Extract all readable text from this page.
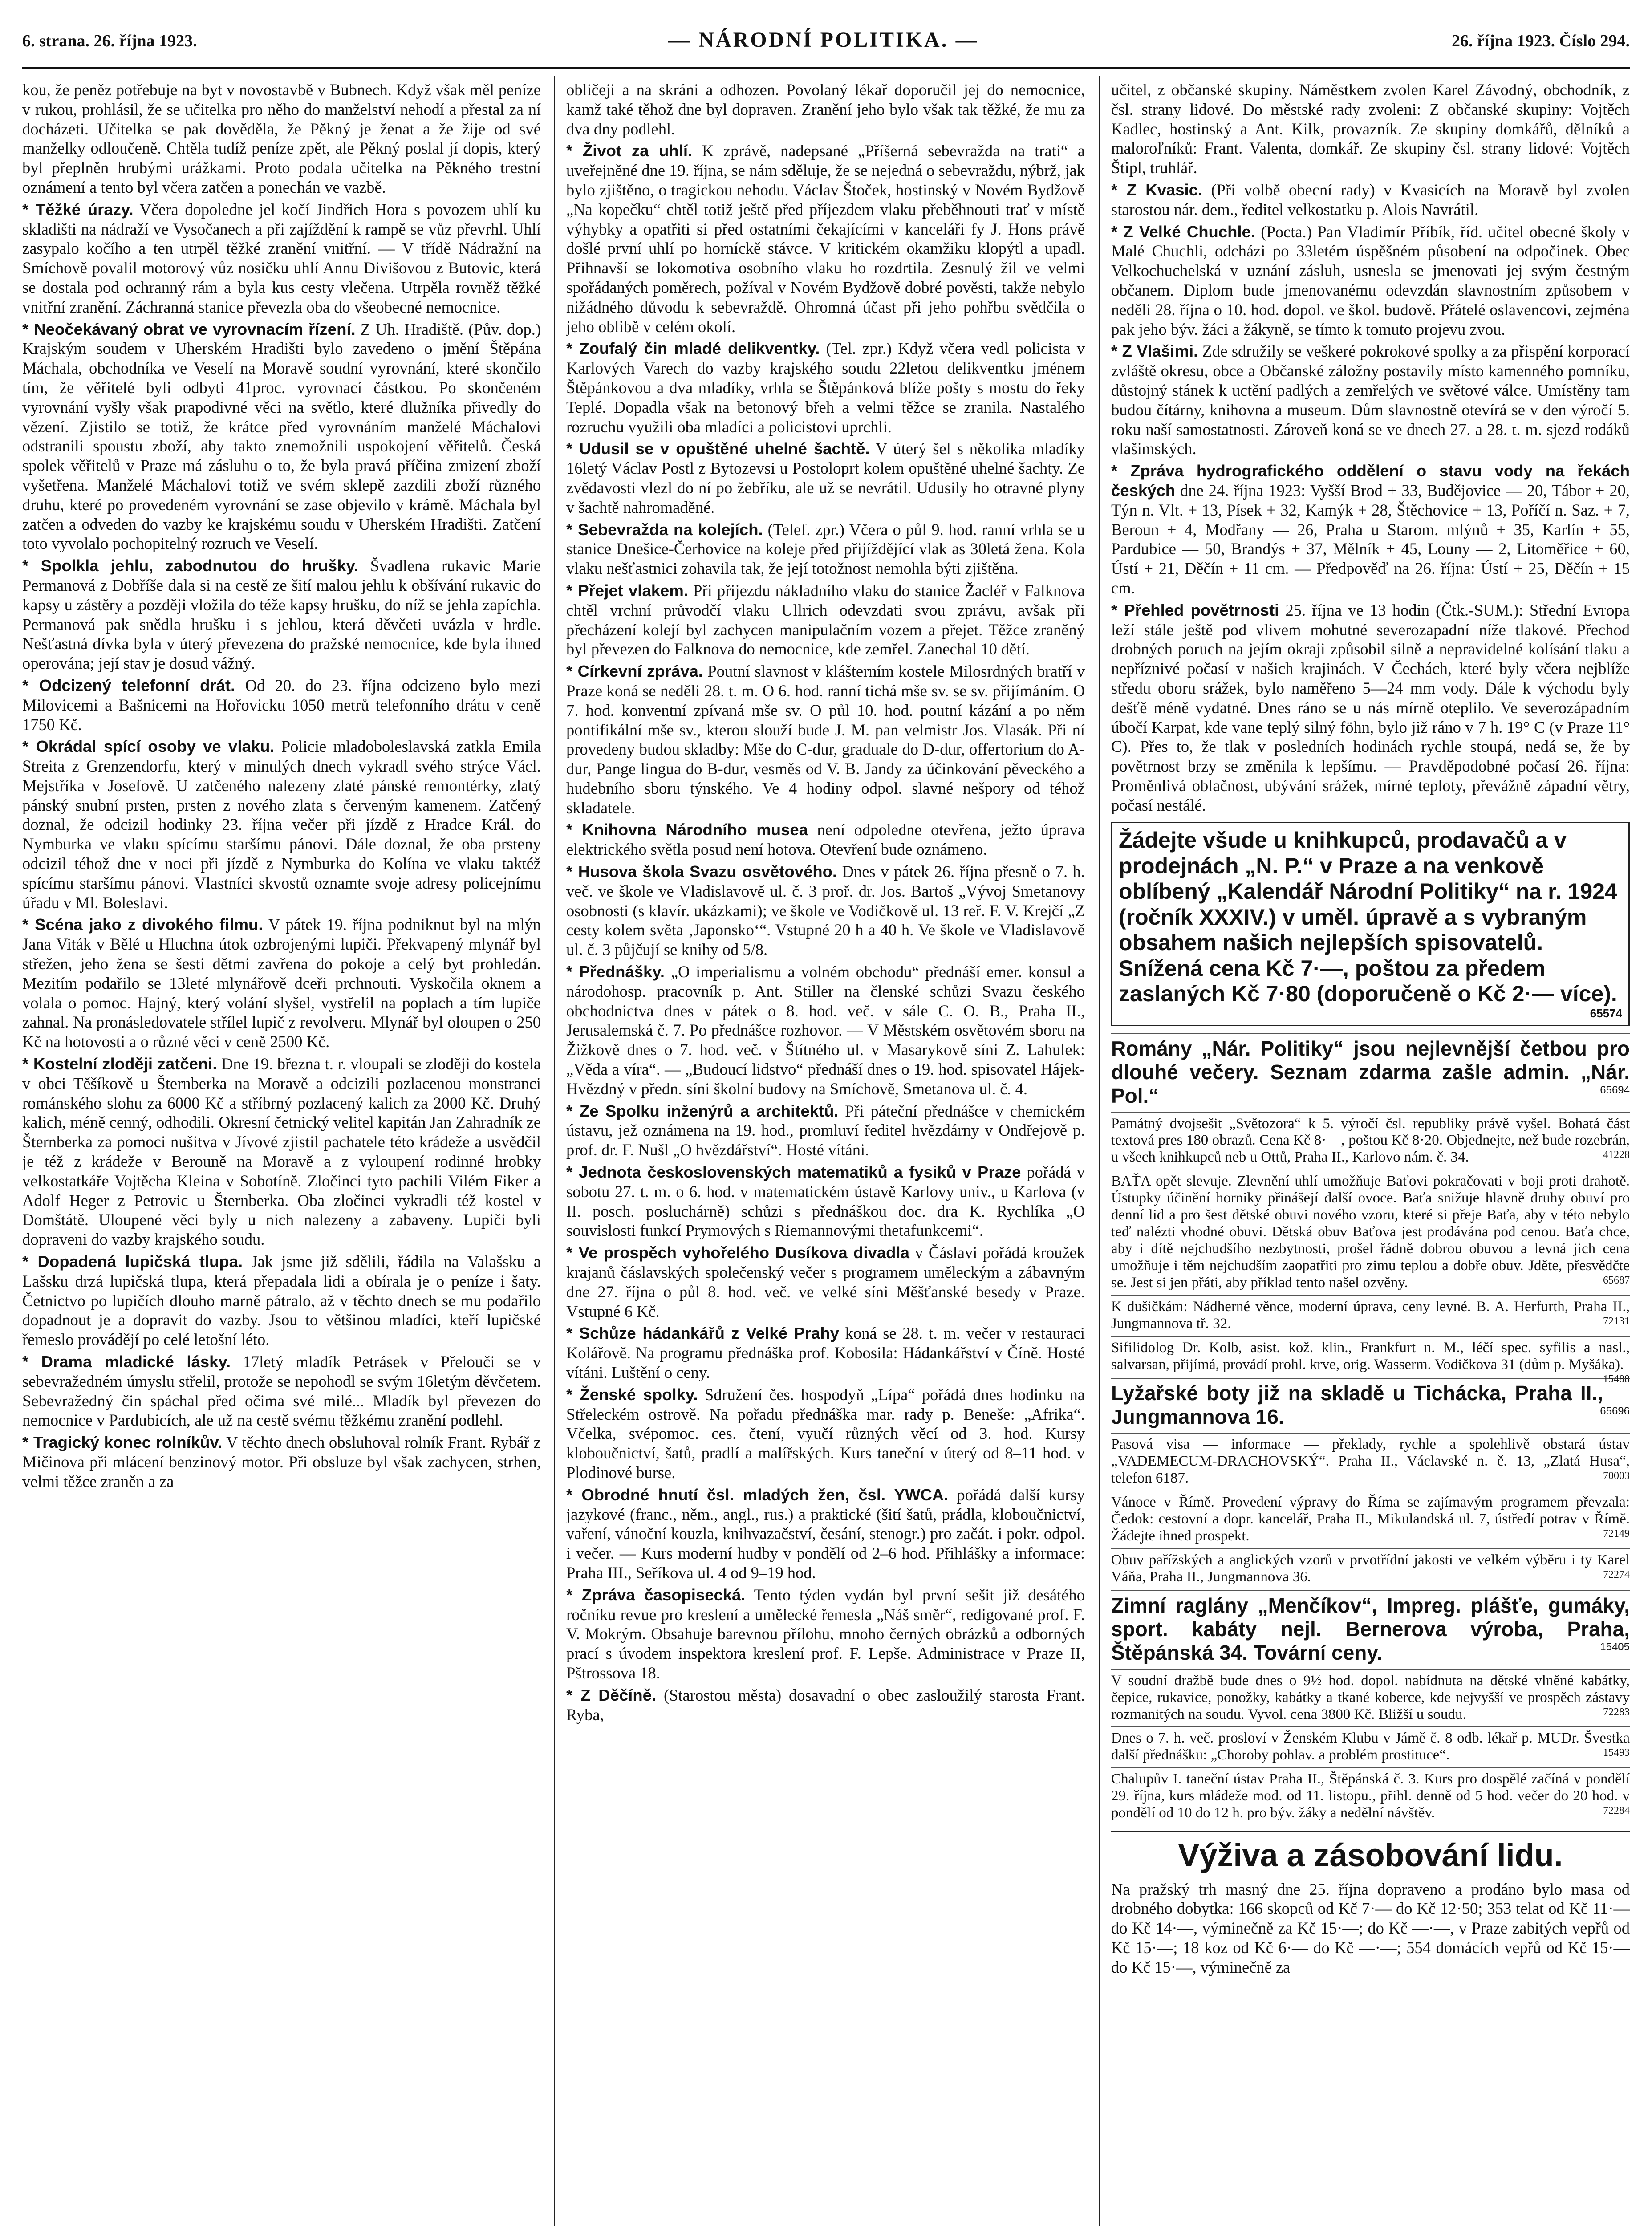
6. strana. 26. října 1923.	— NÁRODNÍ POLITIKA. —	26. října 1923. Číslo 294.

kou, že peněz potřebuje na byt v novostavbě v Bubnech. Když však měl peníze v rukou, prohlásil, že se učitelka pro něho do manželství nehodí a přestal za ní docházeti. Učitelka se pak dověděla, že Pěkný je ženat a že žije od své manželky odloučeně. Chtěla tudíž peníze zpět, ale Pěkný poslal jí dopis, který byl přeplněn hrubými urážkami. Proto podala učitelka na Pěkného trestní oznámení a tento byl včera zatčen a ponechán ve vazbě.

* Těžké úrazy. Včera dopoledne jel kočí Jindřich Hora s povozem uhlí ku skladišti na nádraží ve Vysočanech a při zajíždění k rampě se vůz převrhl. Uhlí zasypalo kočího a ten utrpěl těžké zranění vnitřní. — V třídě Nádražní na Smíchově povalil motorový vůz nosičku uhlí Annu Divišovou z Butovic, která se dostala pod ochranný rám a byla kus cesty vlečena. Utrpěla rovněž těžké vnitřní zranění. Záchranná stanice převezla oba do všeobecné nemocnice.

* Neočekávaný obrat ve vyrovnacím řízení. Z Uh. Hradiště. (Pův. dop.) Krajským soudem v Uherském Hradišti bylo zavedeno o jmění Štěpána Máchala, obchodníka ve Veselí na Moravě soudní vyrovnání, které skončilo tím, že věřitelé byli odbyti 41proc. vyrovnací částkou. Po skončeném vyrovnání vyšly však prapodivné věci na světlo, které dlužníka přivedly do vězení. Zjistilo se totiž, že krátce před vyrovnáním manželé Máchalovi odstranili spoustu zboží, aby takto znemožnili uspokojení věřitelů. Česká spolek věřitelů v Praze má zásluhu o to, že byla pravá příčina zmizení zboží vyšetřena. Manželé Máchalovi totiž ve svém sklepě zazdili zboží různého druhu, které po provedeném vyrovnání se zase objevilo v krámě. Máchala byl zatčen a odveden do vazby ke krajskému soudu v Uherském Hradišti. Zatčení toto vyvolalo pochopitelný rozruch ve Veselí.

* Spolkla jehlu, zabodnutou do hrušky. Švadlena rukavic Marie Permanová z Dobříše dala si na cestě ze šití malou jehlu k obšívání rukavic do kapsy u zástěry a později vložila do téže kapsy hrušku, do níž se jehla zapíchla. Permanová pak snědla hrušku i s jehlou, která děvčeti uvázla v hrdle. Nešťastná dívka byla v úterý převezena do pražské nemocnice, kde byla ihned operována; její stav je dosud vážný.

* Odcizený telefonní drát. Od 20. do 23. října odcizeno bylo mezi Milovicemi a Bašnicemi na Hořovicku 1050 metrů telefonního drátu v ceně 1750 Kč.

* Okrádal spící osoby ve vlaku. Policie mladoboleslavská zatkla Emila Streita z Grenzendorfu, který v minulých dnech vykradl svého strýce Václ. Mejstříka v Josefově. U zatčeného nalezeny zlaté pánské remontérky, zlatý pánský snubní prsten, prsten z nového zlata s červeným kamenem. Zatčený doznal, že odcizil hodinky 23. října večer při jízdě z Hradce Král. do Nymburka ve vlaku spícímu staršímu pánovi. Dále doznal, že oba prsteny odcizil téhož dne v noci při jízdě z Nymburka do Kolína ve vlaku taktéž spícímu staršímu pánovi. Vlastníci skvostů oznamte svoje adresy policejnímu úřadu v Ml. Boleslavi.

* Scéna jako z divokého filmu. V pátek 19. října podniknut byl na mlýn Jana Viták v Bělé u Hluchna útok ozbrojenými lupiči. Překvapený mlynář byl střežen, jeho žena se šesti dětmi zavřena do pokoje a celý byt prohledán. Mezitím podařilo se 13leté mlynářově dceři prchnouti. Vyskočila oknem a volala o pomoc. Hajný, který volání slyšel, vystřelil na poplach a tím lupiče zahnal. Na pronásledovatele střílel lupič z revolveru. Mlynář byl oloupen o 250 Kč na hotovosti a o různé věci v ceně 2500 Kč.

* Kostelní zloději zatčeni. Dne 19. března t. r. vloupali se zloději do kostela v obci Těšíkově u Šternberka na Moravě a odcizili pozlacenou monstranci románského slohu za 6000 Kč a stříbrný pozlacený kalich za 2000 Kč. Druhý kalich, méně cenný, odhodili. Okresní četnický velitel kapitán Jan Zahradník ze Šternberka za pomoci nušitva v Jívové zjistil pachatele této krádeže a usvědčil je též z krádeže v Berouně na Moravě a z vyloupení rodinné hrobky velkostatkáře Vojtěcha Kleina v Sobotíně. Zločinci tyto pachili Vilém Fiker a Adolf Heger z Petrovic u Šternberka. Oba zločinci vykradli též kostel v Domštátě. Uloupené věci byly u nich nalezeny a zabaveny. Lupiči byli dopraveni do vazby krajského soudu.

* Dopadená lupičská tlupa. Jak jsme již sdělili, řádila na Valašsku a Lašsku drzá lupičská tlupa, která přepadala lidi a obírala je o peníze i šaty. Četnictvo po lupičích dlouho marně pátralo, až v těchto dnech se mu podařilo dopadnout je a dopravit do vazby. Jsou to většinou mladíci, kteří lupičské řemeslo provádějí po celé letošní léto.

* Drama mladické lásky. 17letý mladík Petrásek v Přelouči se v sebevražedném úmyslu střelil, protože se nepohodl se svým 16letým děvčetem. Sebevražedný čin spáchal před očima své milé... Mladík byl převezen do nemocnice v Pardubicích, ale už na cestě svému těžkému zranění podlehl.

* Tragický konec rolníkův. V těchto dnech obsluhoval rolník Frant. Rybář z Mičinova při mlácení benzinový motor. Při obsluze byl však zachycen, strhen, velmi těžce zraněn a za

obličeji a na skráni a odhozen. Povolaný lékař doporučil jej do nemocnice, kamž také těhož dne byl dopraven. Zranění jeho bylo však tak těžké, že mu za dva dny podlehl.

* Život za uhlí. K zprávě, nadepsané „Příšerná sebevražda na trati“ a uveřejněné dne 19. října, se nám sděluje, že se nejedná o sebevraždu, nýbrž, jak bylo zjištěno, o tragickou nehodu. Václav Štoček, hostinský v Novém Bydžově „Na kopečku“ chtěl totiž ještě před příjezdem vlaku přeběhnouti trať v místě výhybky a opatřiti si před ostatními čekajícími v kanceláři fy J. Hons právě došlé první uhlí po horníckě stávce. V kritickém okamžiku klopýtl a upadl. Přihnavší se lokomotiva osobního vlaku ho rozdrtila. Zesnulý žil ve velmi spořádaných poměrech, požíval v Novém Bydžově dobré pověsti, takže nebylo nižádného důvodu k sebevraždě. Ohromná účast při jeho pohřbu svědčila o jeho oblibě v celém okolí.

* Zoufalý čin mladé delikventky. (Tel. zpr.) Když včera vedl policista v Karlových Varech do vazby krajského soudu 22letou delikventku jménem Štěpánkovou a dva mladíky, vrhla se Štěpánková blíže pošty s mostu do řeky Teplé. Dopadla však na betonový břeh a velmi těžce se zranila. Nastalého rozruchu využili oba mladíci a policistovi uprchli.

* Udusil se v opuštěné uhelné šachtě. V úterý šel s několika mladíky 16letý Václav Postl z Bytozevsi u Postoloprt kolem opuštěné uhelné šachty. Ze zvědavosti vlezl do ní po žebříku, ale už se nevrátil. Udusily ho otravné plyny v šachtě nahromaděné.

* Sebevražda na kolejích. (Telef. zpr.) Včera o půl 9. hod. ranní vrhla se u stanice Dnešice-Čerhovice na koleje před přijíždějící vlak as 30letá žena. Kola vlaku nešťastnici zohavila tak, že její totožnost nemohla býti zjištěna.

* Přejet vlakem. Při přijezdu nákladního vlaku do stanice Žacléř v Falknova chtěl vrchní průvodčí vlaku Ullrich odevzdati svou zprávu, avšak při přecházení kolejí byl zachycen manipulačním vozem a přejet. Těžce zraněný byl převezen do Falknova do nemocnice, kde zemřel. Zanechal 10 dětí.

* Církevní zpráva. Poutní slavnost v klášterním kostele Milosrdných bratří v Praze koná se neděli 28. t. m. O 6. hod. ranní tichá mše sv. se sv. přijímáním. O 7. hod. konventní zpívaná mše sv. O půl 10. hod. poutní kázání a po něm pontifikální mše sv., kterou slouží bude J. M. pan velmistr Jos. Vlasák. Při ní provedeny budou skladby: Mše do C-dur, graduale do D-dur, offertorium do A-dur, Pange lingua do B-dur, vesměs od V. B. Jandy za účinkování pěveckého a hudebního sboru týnského. Ve 4 hodiny odpol. slavné nešpory od téhož skladatele.

* Knihovna Národního musea není odpoledne otevřena, ježto úprava elektrického světla posud není hotova. Otevření bude oznámeno.

* Husova škola Svazu osvětového. Dnes v pátek 26. října přesně o 7. h. več. ve škole ve Vladislavově ul. č. 3 proř. dr. Jos. Bartoš „Vývoj Smetanovy osobnosti (s klavír. ukázkami); ve škole ve Vodičkově ul. 13 reř. F. V. Krejčí „Z cesty kolem světa ‚Japonsko‘“. Vstupné 20 h a 40 h. Ve škole ve Vladislavově ul. č. 3 půjčují se knihy od 5/8.

* Přednášky. „O imperialismu a volném obchodu“ přednáší emer. konsul a národohosp. pracovník p. Ant. Stiller na členské schůzi Svazu českého obchodnictva dnes v pátek o 8. hod. več. v sále C. O. B., Praha II., Jerusalemská č. 7. Po přednášce rozhovor. — V Městském osvětovém sboru na Žižkově dnes o 7. hod. več. v Štítného ul. v Masarykově síni Z. Lahulek: „Věda a víra“. — „Budoucí lidstvo“ přednáší dnes o 19. hod. spisovatel Hájek-Hvězdný v předn. síni školní budovy na Smíchově, Smetanova ul. č. 4.

* Ze Spolku inženýrů a architektů. Při páteční přednášce v chemickém ústavu, jež oznámena na 19. hod., promluví ředitel hvězdárny v Ondřejově p. prof. dr. F. Nušl „O hvězdářství“. Hosté vítáni.

* Jednota československých matematiků a fysiků v Praze pořádá v sobotu 27. t. m. o 6. hod. v matematickém ústavě Karlovy univ., u Karlova (v II. posch. posluchárně) schůzi s přednáškou doc. dra K. Rychlíka „O souvislosti funkcí Prymových s Riemannovými thetafunkcemi“.

* Ve prospěch vyhořelého Dusíkova divadla v Čáslavi pořádá kroužek krajanů čáslavských společenský večer s programem uměleckým a zábavným dne 27. října o půl 8. hod. več. ve velké síni Měšťanské besedy v Praze. Vstupné 6 Kč.

* Schůze hádankářů z Velké Prahy koná se 28. t. m. večer v restauraci Kolářově. Na programu přednáška prof. Kobosila: Hádankářství v Číně. Hosté vítáni. Luštění o ceny.

* Ženské spolky. Sdružení čes. hospodyň „Lípa“ pořádá dnes hodinku na Střeleckém ostrově. Na pořadu přednáška mar. rady p. Beneše: „Afrika“. Včelka, svépomoc. ces. čtení, vyučí různých věcí od 3. hod. Kursy kloboučnictví, šatů, pradlí a malířských. Kurs taneční v úterý od 8–11 hod. v Plodinové burse.

* Obrodné hnutí čsl. mladých žen, čsl. YWCA. pořádá další kursy jazykové (franc., něm., angl., rus.) a praktické (šití šatů, prádla, kloboučnictví, vaření, vánoční kouzla, knihvazačství, česání, stenogr.) pro začát. i pokr. odpol. i večer. — Kurs moderní hudby v pondělí od 2–6 hod. Přihlášky a informace: Praha III., Seříkova ul. 4 od 9–19 hod.

* Zpráva časopisecká. Tento týden vydán byl první sešit již desátého ročníku revue pro kreslení a umělecké řemesla „Náš směr“, redigované prof. F. V. Mokrým. Obsahuje barevnou přílohu, mnoho černých obrázků a odborných prací s úvodem inspektora kreslení prof. F. Lepše. Administrace v Praze II, Pštrossova 18.

* Z Děčíně. (Starostou města) dosavadní o obec zasloužilý starosta Frant. Ryba,

učitel, z občanské skupiny. Náměstkem zvolen Karel Závodný, obchodník, z čsl. strany lidové. Do městské rady zvoleni: Z občanské skupiny: Vojtěch Kadlec, hostinský a Ant. Kilk, provazník. Ze skupiny domkářů, dělníků a maloroľníků: Frant. Valenta, domkář. Ze skupiny čsl. strany lidové: Vojtěch Štipl, truhlář.

* Z Kvasic. (Při volbě obecní rady) v Kvasicích na Moravě byl zvolen starostou nár. dem., ředitel velkostatku p. Alois Navrátil.

* Z Velké Chuchle. (Pocta.) Pan Vladimír Příbík, říd. učitel obecné školy v Malé Chuchli, odcházi po 33letém úspěšném působení na odpočinek. Obec Velkochuchelská v uznání zásluh, usnesla se jmenovati jej svým čestným občanem. Diplom bude jmenovanému odevzdán slavnostním způsobem v neděli 28. října o 10. hod. dopol. ve škol. budově. Přátelé oslavencovi, zejména pak jeho býv. žáci a žákyně, se tímto k tomuto projevu zvou.

* Z Vlašimi. Zde sdružily se veškeré pokrokové spolky a za přispění korporací zvláště okresu, obce a Občanské záložny postavily místo kamenného pomníku, důstojný stánek k uctění padlých a zemřelých ve světové válce. Umístěny tam budou čítárny, knihovna a museum. Dům slavnostně otevírá se v den výročí 5. roku naší samostatnosti. Zároveň koná se ve dnech 27. a 28. t. m. sjezd rodáků vlašimských.

* Zpráva hydrografického oddělení o stavu vody na řekách českých dne 24. října 1923: Vyšší Brod + 33, Budějovice — 20, Tábor + 20, Týn n. Vlt. + 13, Písek + 32, Kamýk + 28, Štěchovice + 13, Poříčí n. Saz. + 7, Beroun + 4, Modřany — 26, Praha u Starom. mlýnů + 35, Karlín + 55, Pardubice — 50, Brandýs + 37, Mělník + 45, Louny — 2, Litoměřice + 60, Ústí + 21, Děčín + 11 cm. — Předpověď na 26. října: Ústí + 25, Děčín + 15 cm.

* Přehled povětrnosti 25. října ve 13 hodin (Čtk.-SUM.): Střední Evropa leží stále ještě pod vlivem mohutné severozapadní níže tlakové. Přechod drobných poruch na jejím okraji způsobil silně a nepravidelné kolísání tlaku a nepříznivé počasí v našich krajinách. V Čechách, které byly včera nejblíže středu oboru srážek, bylo naměřeno 5—24 mm vody. Dále k východu byly dešťě méně vydatné. Dnes ráno se u nás mírně oteplilo. Ve severozápadním úbočí Karpat, kde vane teplý silný föhn, bylo již ráno v 7 h. 19° C (v Praze 11° C). Přes to, že tlak v posledních hodinách rychle stoupá, nedá se, že by povětrnost brzy se změnila k lepšímu. — Pravděpodobné počasí 26. října: Proměnlivá oblačnost, ubývání srážek, mírné teploty, převážně západní větry, počasí nestálé.

Žádejte všude u knihkupců, prodavačů a v prodejnách „N. P.“ v Praze a na venkově oblíbený „Kalendář Národní Politiky“ na r. 1924 (ročník XXXIV.) v uměl. úpravě a s vybraným obsahem našich nejlepších spisovatelů. Snížená cena Kč 7·—, poštou za předem zaslaných Kč 7·80 (doporučeně o Kč 2·— více).
65574
Romány „Nár. Politiky“ jsou nejlevnější četbou pro dlouhé večery. Seznam zdarma zašle admin. „Nár. Pol.“	65694
Památný dvojsešit „Světozora“ k 5. výročí čsl. republiky právě vyšel. Bohatá část textová pres 180 obrazů. Cena Kč 8·—, poštou Kč 8·20. Objednejte, než bude rozebrán, u všech knihkupců neb u Ottů, Praha II., Karlovo nám. č. 34.	41228
BAŤA opět slevuje. Zlevnění uhlí umožňuje Baťovi pokračovati v boji proti drahotě. Ústupky účinění horniky přinášejí další ovoce. Baťa snižuje hlavně druhy obuví pro denní lid a pro šest dětské obuvi nového vzoru, které si přeje Baťa, aby v této nebylo teď nalézti vhodné obuvi. Dětská obuv Baťova jest prodávána pod cenou. Baťa chce, aby i dítě nejchudšího nezbytnosti, prošel řádně dobrou obuvou a levná jich cena umožňuje i těm nejchudším zaopatřiti pro zimu teplou a dobře obuv. Jděte, přesvědčte se. Jest si jen přáti, aby příklad tento našel ozvěny.	65687
K dušičkám: Nádherné věnce, moderní úprava, ceny levné. B. A. Herfurth, Praha II., Jungmannova tř. 32.	72131
Sifilidolog Dr. Kolb, asist. kož. klin., Frankfurt n. M., léčí spec. syfilis a nasl., salvarsan, přijímá, provádí prohl. krve, orig. Wasserm. Vodičkova 31 (dům p. Myšáka).
15488
Lyžařské boty již na skladě u Tichácka, Praha II., Jungmannova 16.	65696
Pasová visa — informace — překlady, rychle a spolehlivě obstará ústav „VADEMECUM-DRACHOVSKÝ“. Praha II., Václavské n. č. 13, „Zlatá Husa“, telefon 6187.	70003
Vánoce v Římě. Provedení výpravy do Říma se zajímavým programem převzala: Čedok: cestovní a dopr. kancelář, Praha II., Mikulandská ul. 7, ústředí potrav v Římě. Žádejte ihned prospekt.	72149
Obuv pařížských a anglických vzorů v prvotřídní jakosti ve velkém výběru i ty Karel Váňa, Praha II., Jungmannova 36.	72274
Zimní raglány „Menčíkov“, Impreg. plášťe, gumáky, sport. kabáty nejl. Bernerova výroba, Praha, Štěpánská 34. Tovární ceny.	15405
V soudní dražbě bude dnes o 9½ hod. dopol. nabídnuta na dětské vlněné kabátky, čepice, rukavice, ponožky, kabátky a tkané koberce, kde nejvyšší ve prospěch zástavy rozmanitých na soudu. Vyvol. cena 3800 Kč. Bližší u soudu.	72283
Dnes o 7. h. več. prosloví v Ženském Klubu v Jámě č. 8 odb. lékař p. MUDr. Švestka další přednášku: „Choroby pohlav. a problém prostituce“.	15493
Chalupův I. taneční ústav Praha II., Štěpánská č. 3. Kurs pro dospělé začíná v pondělí 29. října, kurs mládeže mod. od 11. listopu., přihl. denně od 5 hod. večer do 20 hod. v pondělí od 10 do 12 h. pro býv. žáky a nedělní návštěv.	72284
Výživa a zásobování lidu.

Na pražský trh masný dne 25. října dopraveno a prodáno bylo masa od drobného dobytka: 166 skopců od Kč 7·— do Kč 12·50; 353 telat od Kč 11·— do Kč 14·—, výminečně za Kč 15·—; do Kč —·—, v Praze zabitých vepřů od Kč 15·—; 18 koz od Kč 6·— do Kč —·—; 554 domácích vepřů od Kč 15·— do Kč 15·—, výminečně za
